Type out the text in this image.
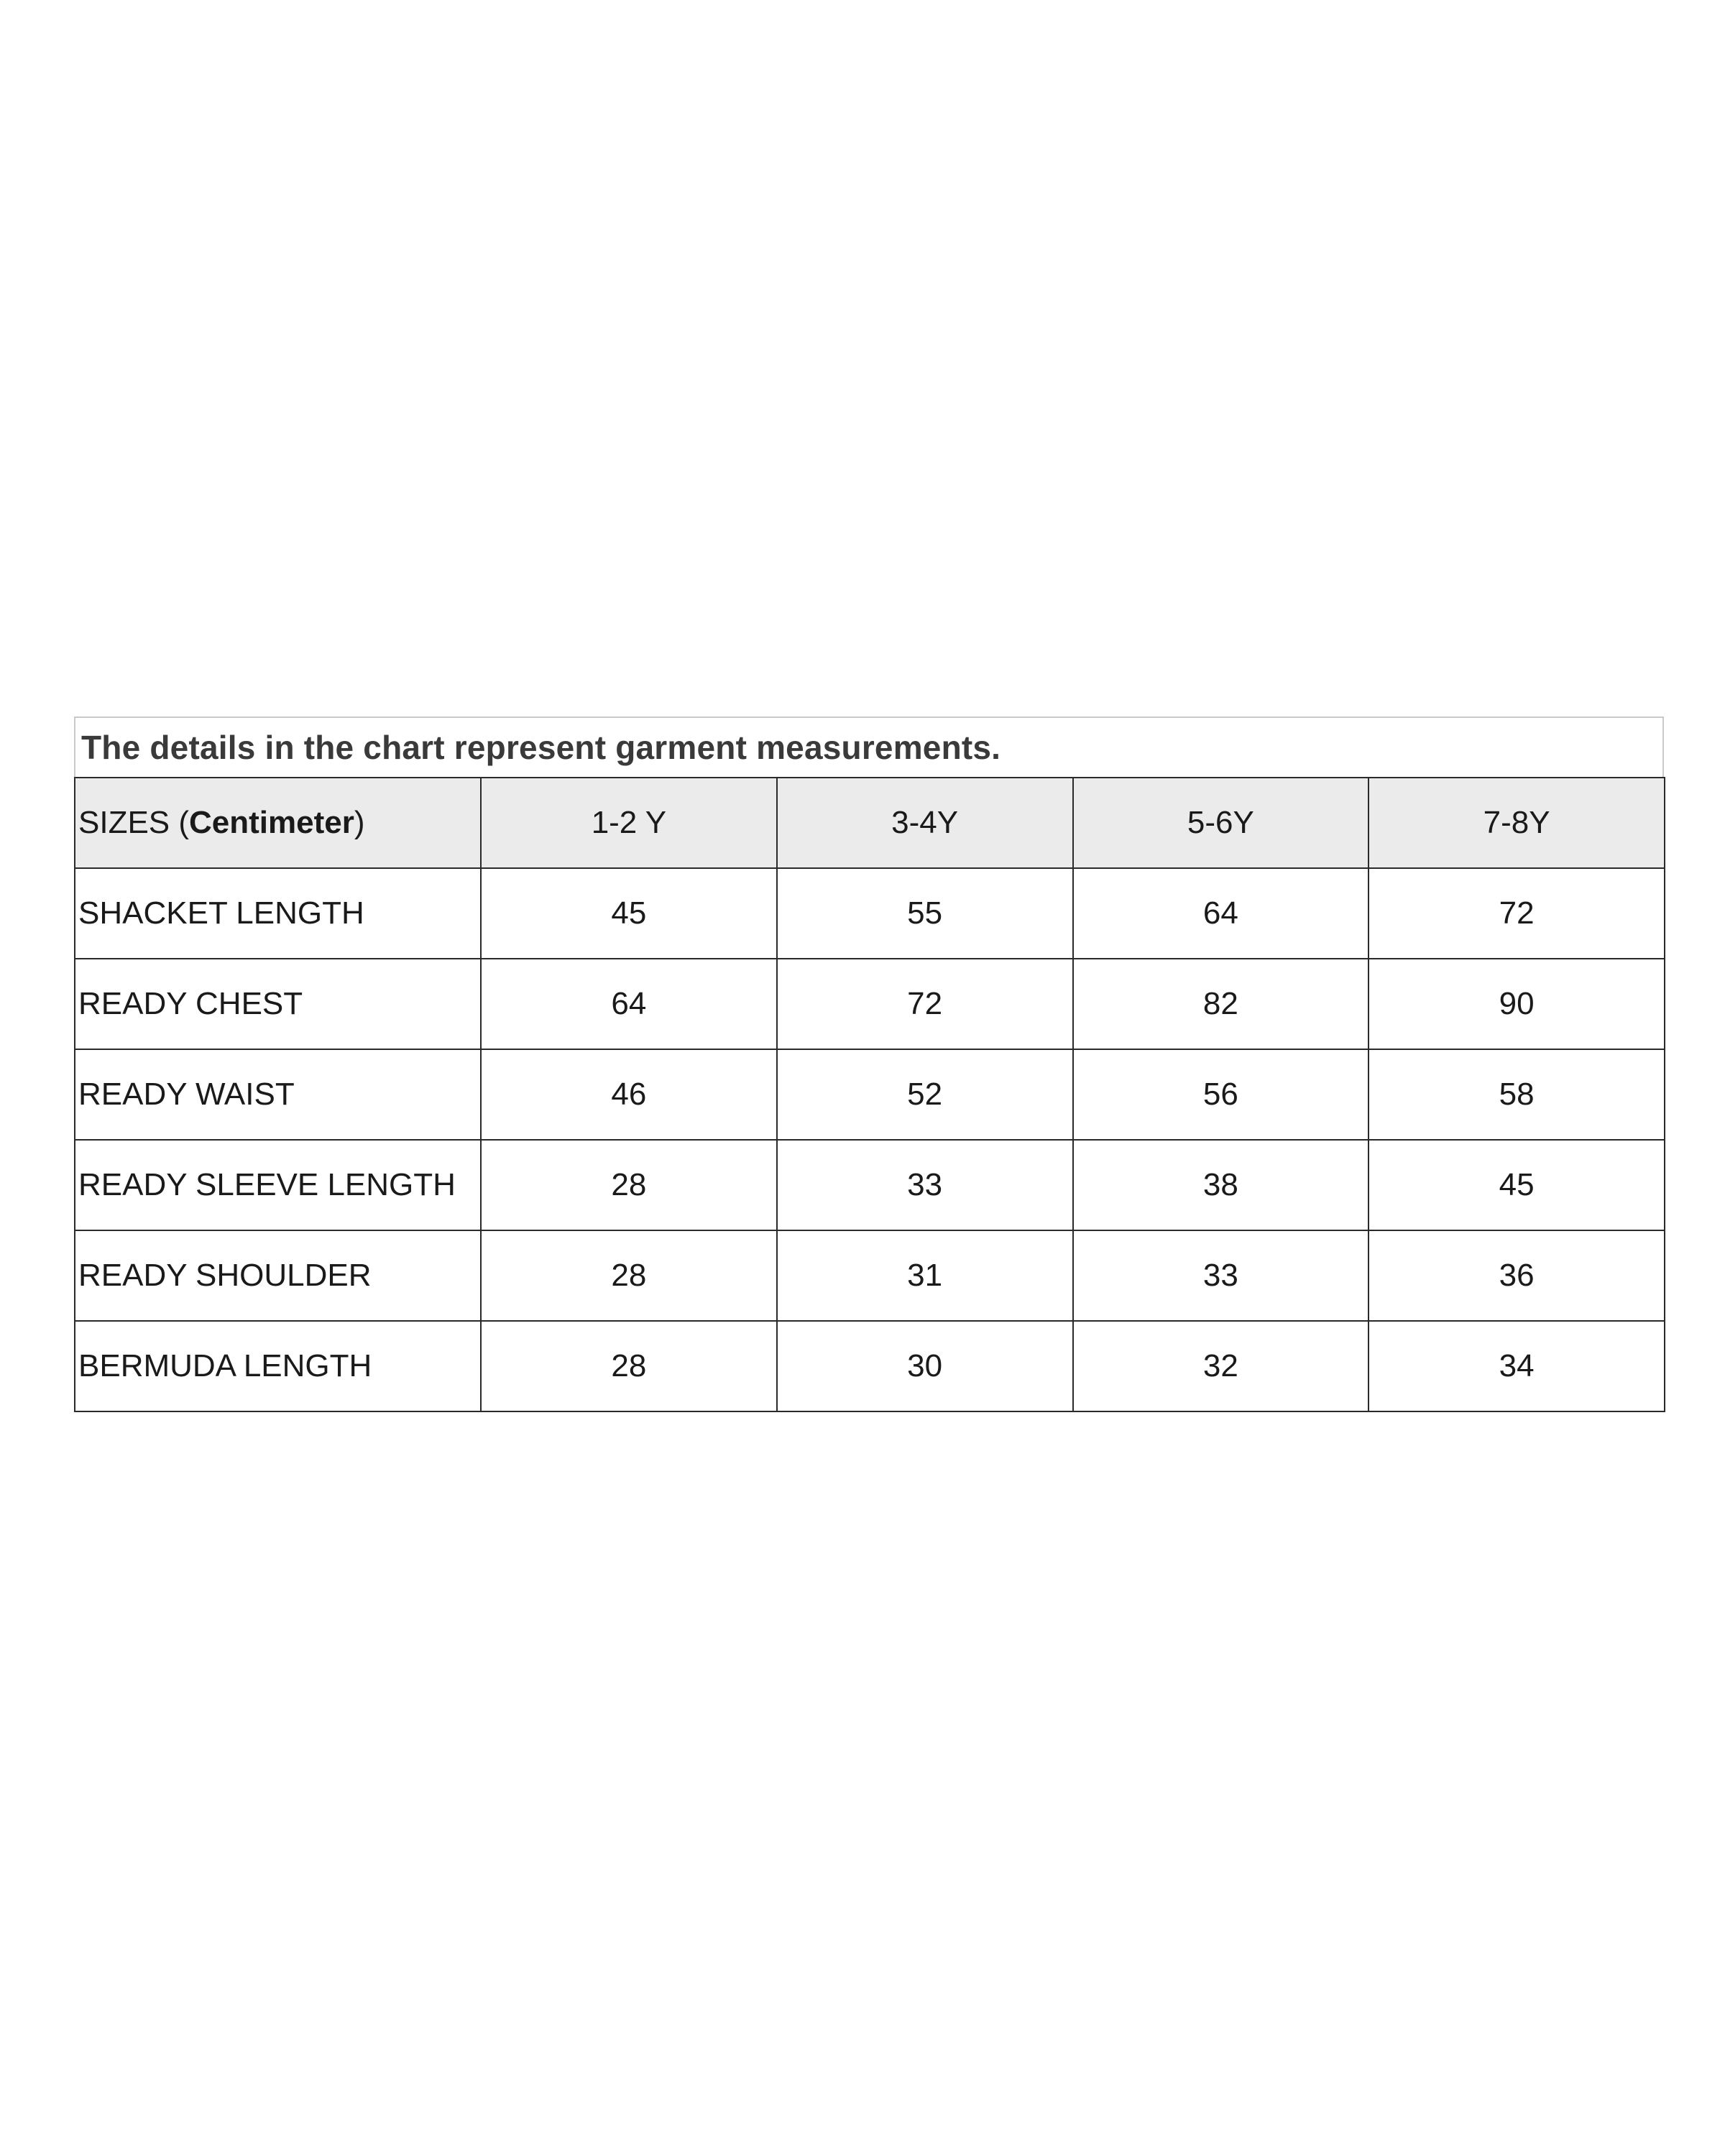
The details in the chart represent garment measurements.
SIZES (Centimeter)	1-2 Y	3-4Y	5-6Y	7-8Y
SHACKET LENGTH	45	55	64	72
READY CHEST	64	72	82	90
READY WAIST	46	52	56	58
READY SLEEVE LENGTH	28	33	38	45
READY SHOULDER	28	31	33	36
BERMUDA LENGTH	28	30	32	34
